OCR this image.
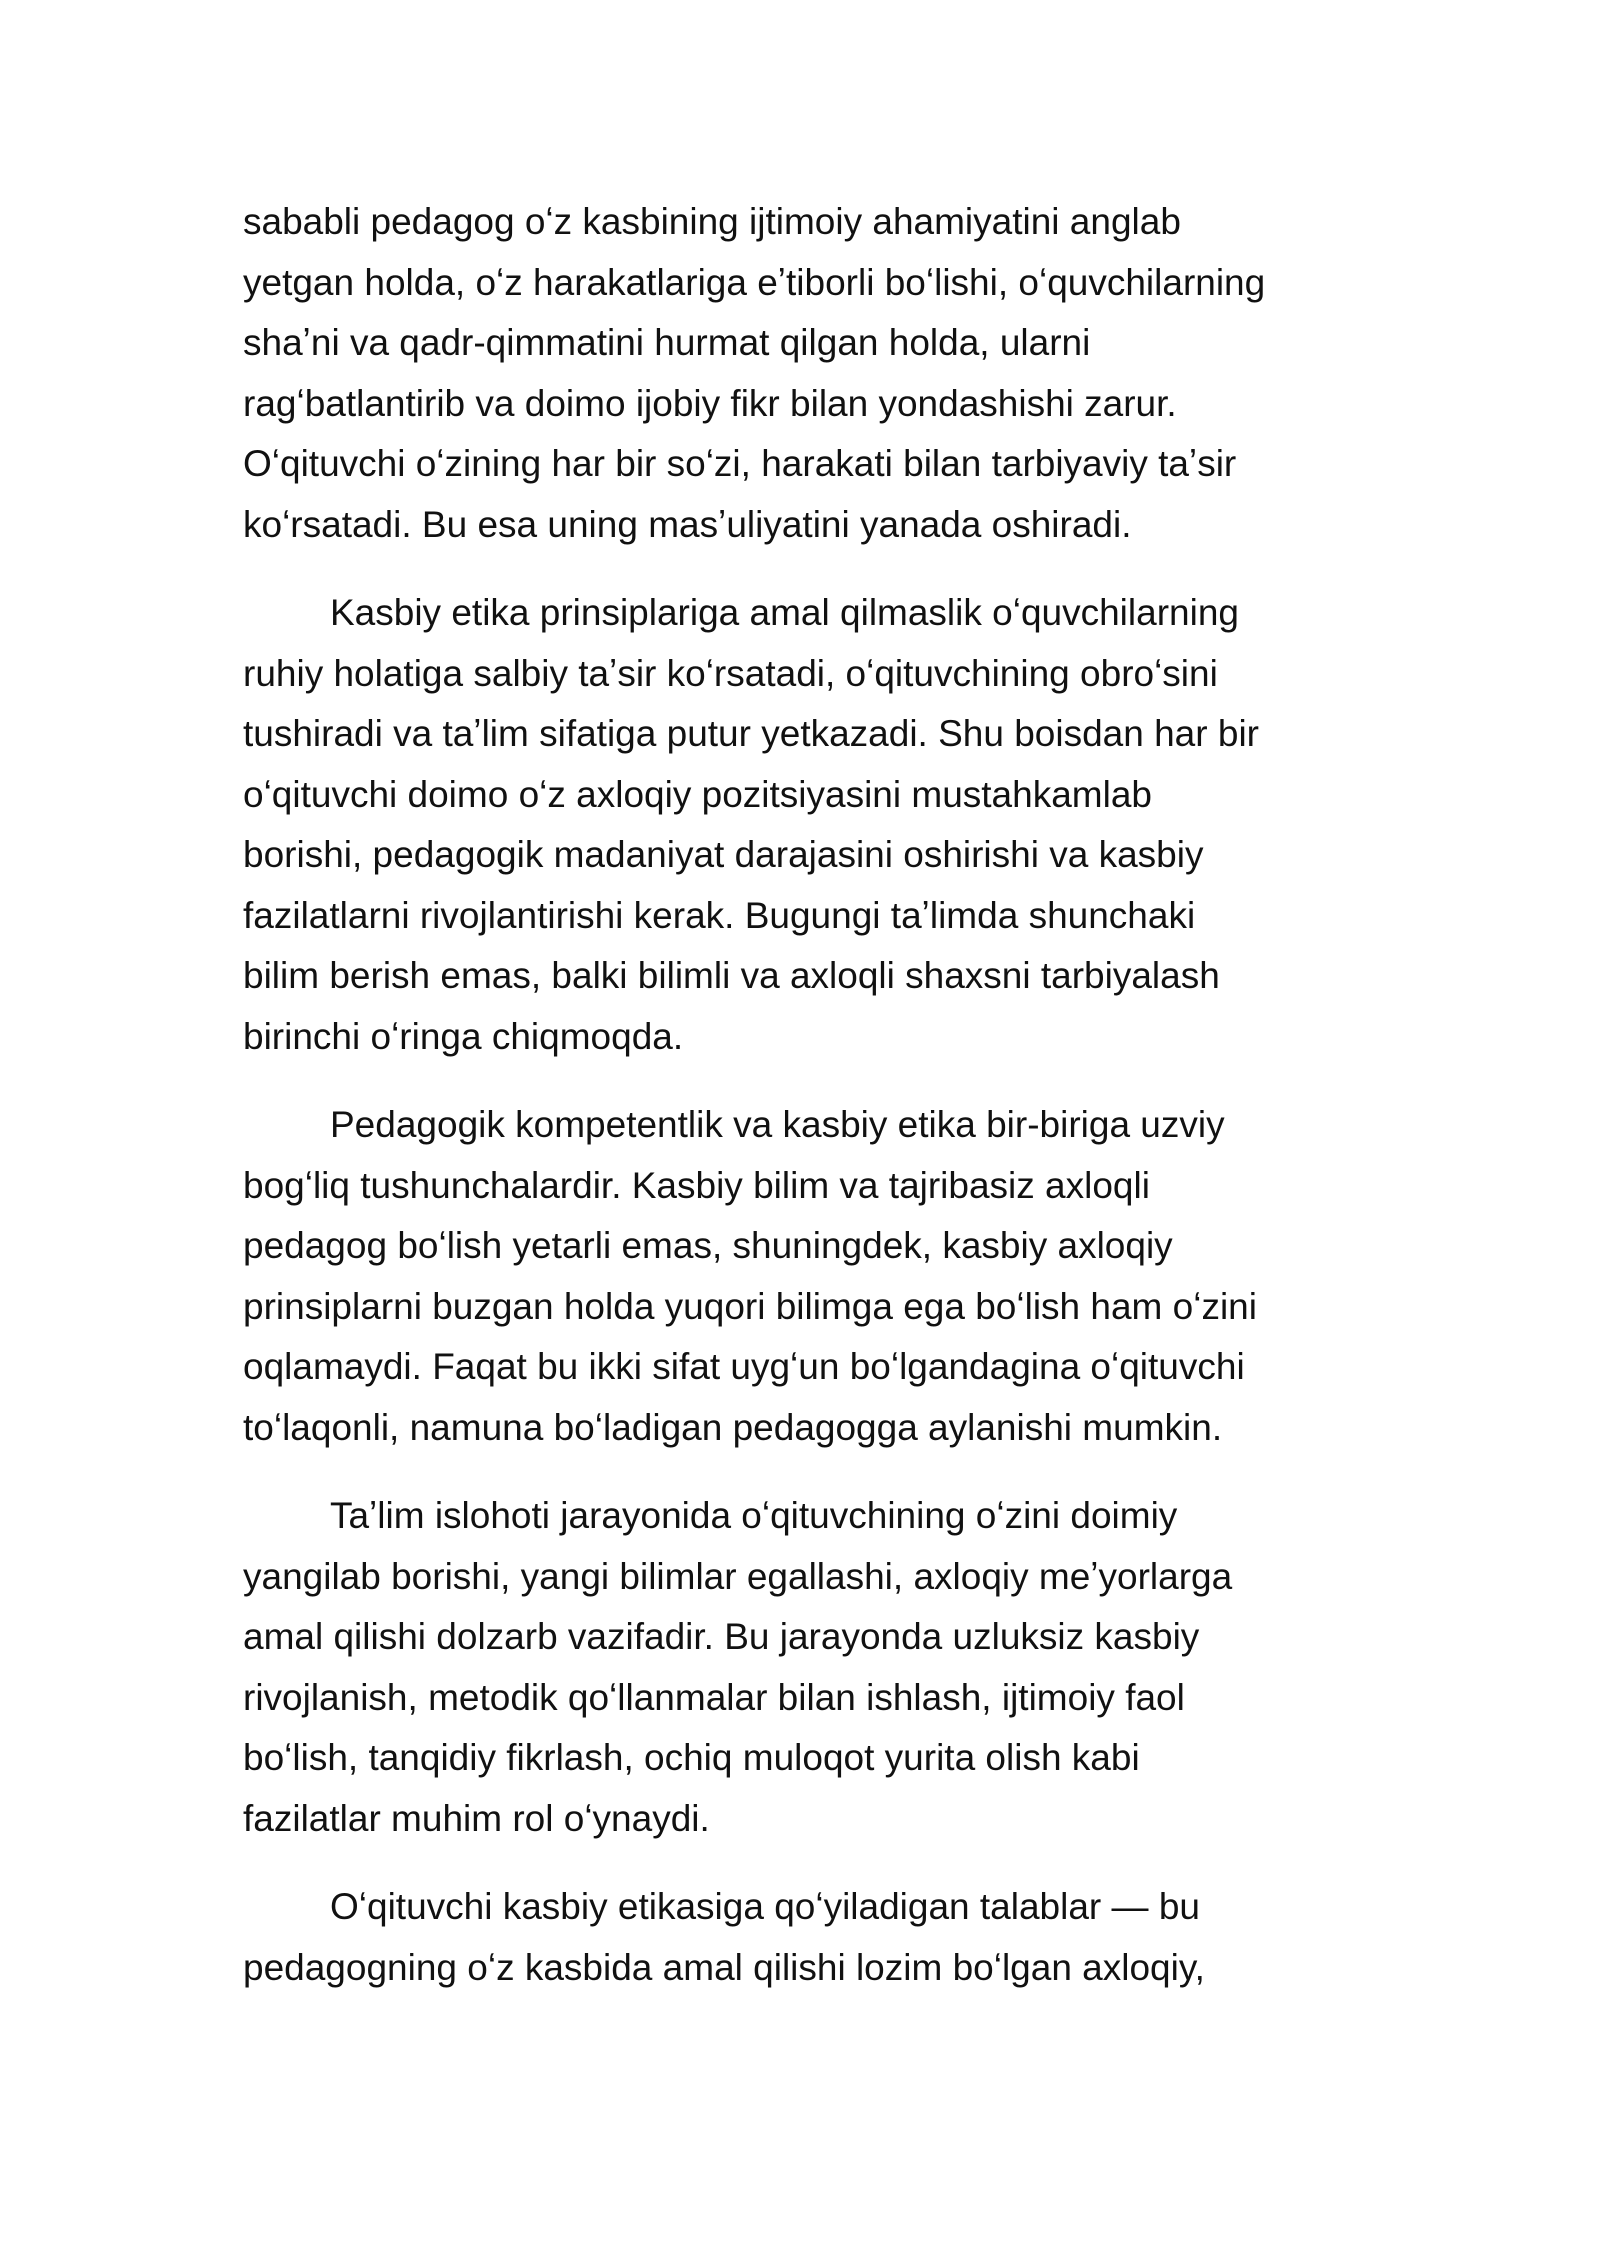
sababli pedagog oʻz kasbining ijtimoiy ahamiyatini anglab
yetgan holda, oʻz harakatlariga eʼtiborli boʻlishi, oʻquvchilarning
shaʼni va qadr-qimmatini hurmat qilgan holda, ularni
ragʻbatlantirib va doimo ijobiy fikr bilan yondashishi zarur.
Oʻqituvchi oʻzining har bir soʻzi, harakati bilan tarbiyaviy taʼsir
koʻrsatadi. Bu esa uning masʼuliyatini yanada oshiradi.
Kasbiy etika prinsiplariga amal qilmaslik oʻquvchilarning
ruhiy holatiga salbiy taʼsir koʻrsatadi, oʻqituvchining obroʻsini
tushiradi va taʼlim sifatiga putur yetkazadi. Shu boisdan har bir
oʻqituvchi doimo oʻz axloqiy pozitsiyasini mustahkamlab
borishi, pedagogik madaniyat darajasini oshirishi va kasbiy
fazilatlarni rivojlantirishi kerak. Bugungi taʼlimda shunchaki
bilim berish emas, balki bilimli va axloqli shaxsni tarbiyalash
birinchi oʻringa chiqmoqda.
Pedagogik kompetentlik va kasbiy etika bir-biriga uzviy
bogʻliq tushunchalardir. Kasbiy bilim va tajribasiz axloqli
pedagog boʻlish yetarli emas, shuningdek, kasbiy axloqiy
prinsiplarni buzgan holda yuqori bilimga ega boʻlish ham oʻzini
oqlamaydi. Faqat bu ikki sifat uygʻun boʻlgandagina oʻqituvchi
toʻlaqonli, namuna boʻladigan pedagogga aylanishi mumkin.
Taʼlim islohoti jarayonida oʻqituvchining oʻzini doimiy
yangilab borishi, yangi bilimlar egallashi, axloqiy meʼyorlarga
amal qilishi dolzarb vazifadir. Bu jarayonda uzluksiz kasbiy
rivojlanish, metodik qoʻllanmalar bilan ishlash, ijtimoiy faol
boʻlish, tanqidiy fikrlash, ochiq muloqot yurita olish kabi
fazilatlar muhim rol oʻynaydi.
Oʻqituvchi kasbiy etikasiga qoʻyiladigan talablar — bu
pedagogning oʻz kasbida amal qilishi lozim boʻlgan axloqiy,
